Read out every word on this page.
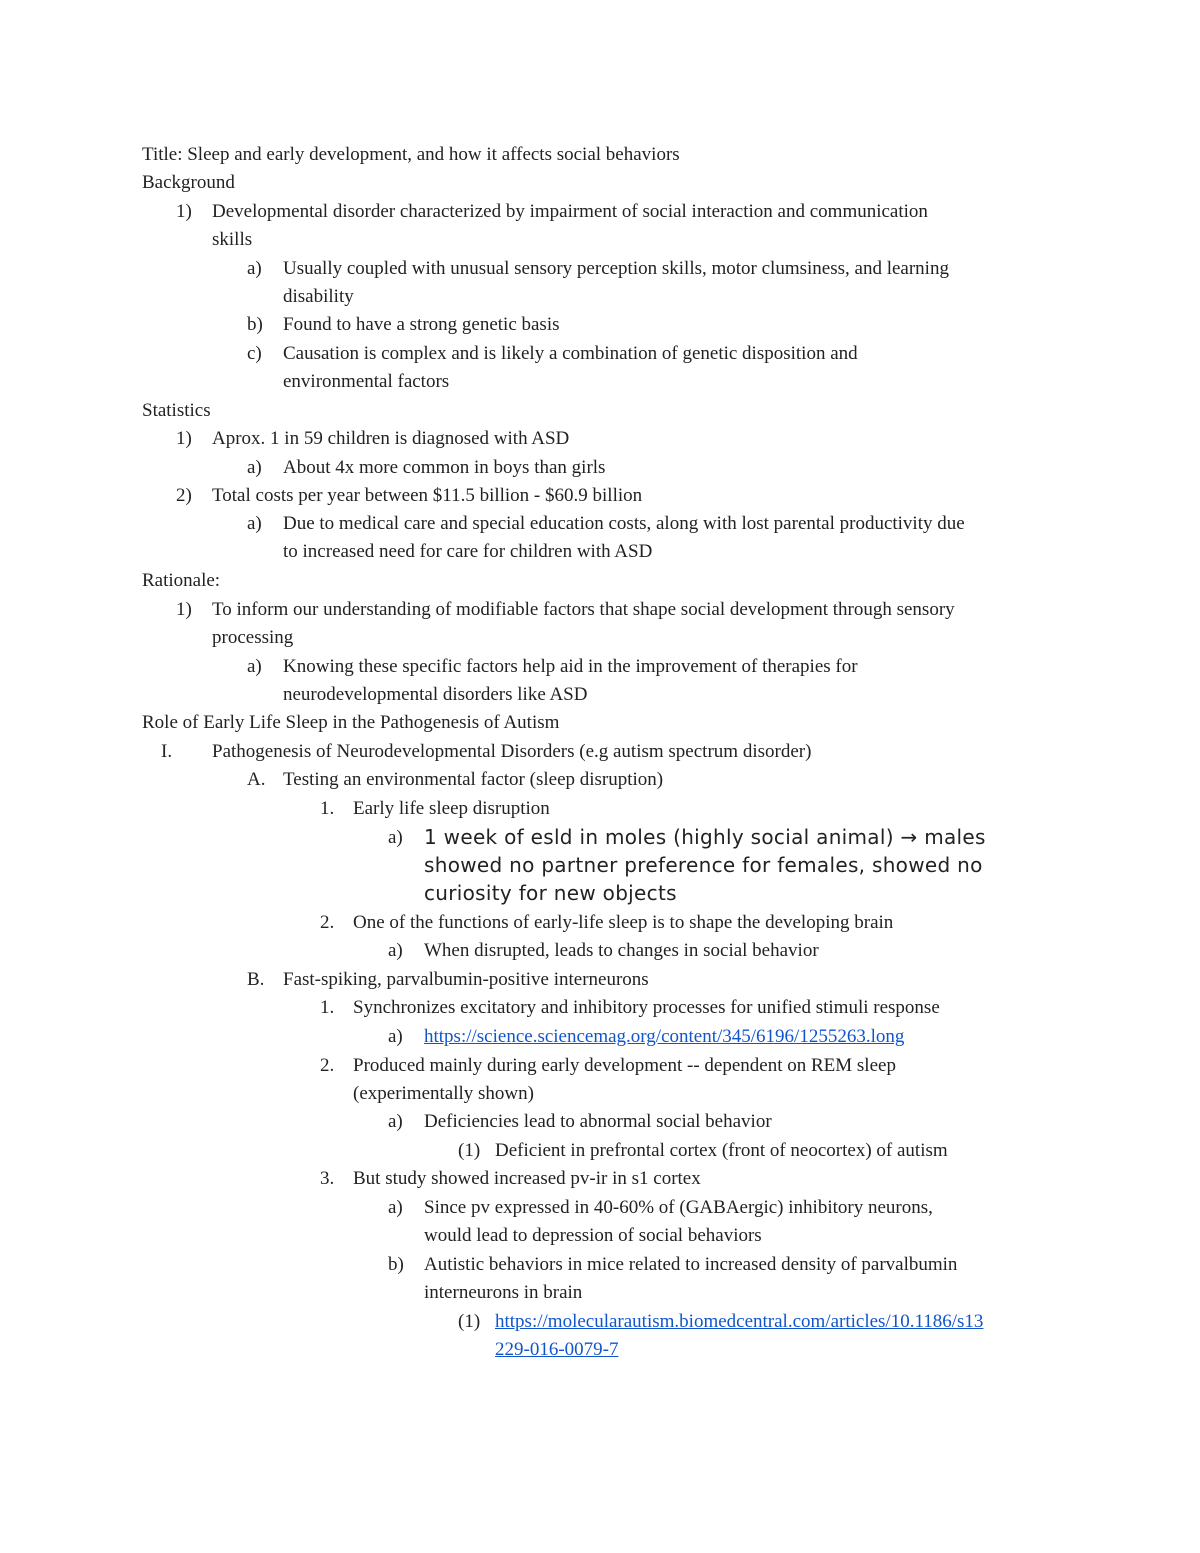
Title: Sleep and early development, and how it affects social behaviors
Background
1) Developmental disorder characterized by impairment of social interaction and communication
skills
a) Usually coupled with unusual sensory perception skills, motor clumsiness, and learning
disability
b) Found to have a strong genetic basis
c) Causation is complex and is likely a combination of genetic disposition and
environmental factors
Statistics
1) Aprox. 1 in 59 children is diagnosed with ASD
a) About 4x more common in boys than girls
2) Total costs per year between $11.5 billion - $60.9 billion
a) Due to medical care and special education costs, along with lost parental productivity due
to increased need for care for children with ASD
Rationale:
1) To inform our understanding of modifiable factors that shape social development through sensory
processing
a) Knowing these specific factors help aid in the improvement of therapies for
neurodevelopmental disorders like ASD
Role of Early Life Sleep in the Pathogenesis of Autism
I. Pathogenesis of Neurodevelopmental Disorders (e.g autism spectrum disorder)
A. Testing an environmental factor (sleep disruption)
1. Early life sleep disruption
a) 1 week of esld in moles (highly social animal) → males
showed no partner preference for females, showed no
curiosity for new objects
2. One of the functions of early-life sleep is to shape the developing brain
a) When disrupted, leads to changes in social behavior
B. Fast-spiking, parvalbumin-positive interneurons
1. Synchronizes excitatory and inhibitory processes for unified stimuli response
a) https://science.sciencemag.org/content/345/6196/1255263.long
2. Produced mainly during early development -- dependent on REM sleep
(experimentally shown)
a) Deficiencies lead to abnormal social behavior
(1) Deficient in prefrontal cortex (front of neocortex) of autism
3. But study showed increased pv-ir in s1 cortex
a) Since pv expressed in 40-60% of (GABAergic) inhibitory neurons,
would lead to depression of social behaviors
b) Autistic behaviors in mice related to increased density of parvalbumin
interneurons in brain
(1) https://molecularautism.biomedcentral.com/articles/10.1186/s13
229-016-0079-7
